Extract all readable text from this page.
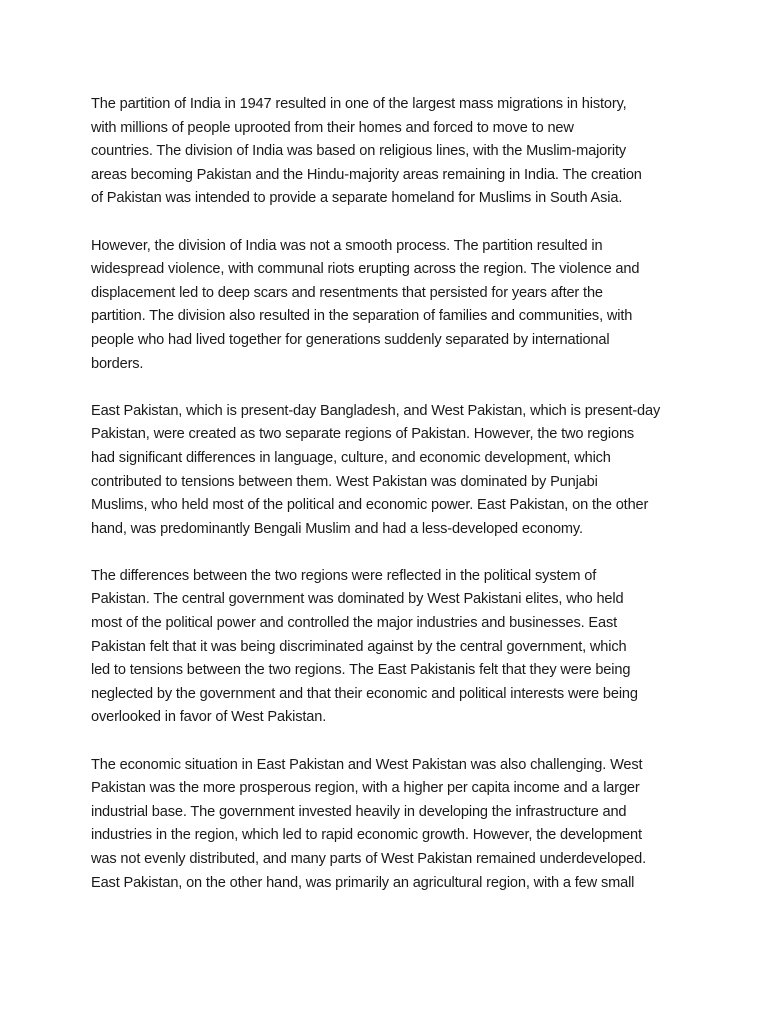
The partition of India in 1947 resulted in one of the largest mass migrations in history,
with millions of people uprooted from their homes and forced to move to new
countries. The division of India was based on religious lines, with the Muslim-majority
areas becoming Pakistan and the Hindu-majority areas remaining in India. The creation
of Pakistan was intended to provide a separate homeland for Muslims in South Asia.

However, the division of India was not a smooth process. The partition resulted in
widespread violence, with communal riots erupting across the region. The violence and
displacement led to deep scars and resentments that persisted for years after the
partition. The division also resulted in the separation of families and communities, with
people who had lived together for generations suddenly separated by international
borders.

East Pakistan, which is present-day Bangladesh, and West Pakistan, which is present-day
Pakistan, were created as two separate regions of Pakistan. However, the two regions
had significant differences in language, culture, and economic development, which
contributed to tensions between them. West Pakistan was dominated by Punjabi
Muslims, who held most of the political and economic power. East Pakistan, on the other
hand, was predominantly Bengali Muslim and had a less-developed economy.

The differences between the two regions were reflected in the political system of
Pakistan. The central government was dominated by West Pakistani elites, who held
most of the political power and controlled the major industries and businesses. East
Pakistan felt that it was being discriminated against by the central government, which
led to tensions between the two regions. The East Pakistanis felt that they were being
neglected by the government and that their economic and political interests were being
overlooked in favor of West Pakistan.

The economic situation in East Pakistan and West Pakistan was also challenging. West
Pakistan was the more prosperous region, with a higher per capita income and a larger
industrial base. The government invested heavily in developing the infrastructure and
industries in the region, which led to rapid economic growth. However, the development
was not evenly distributed, and many parts of West Pakistan remained underdeveloped.
East Pakistan, on the other hand, was primarily an agricultural region, with a few small
